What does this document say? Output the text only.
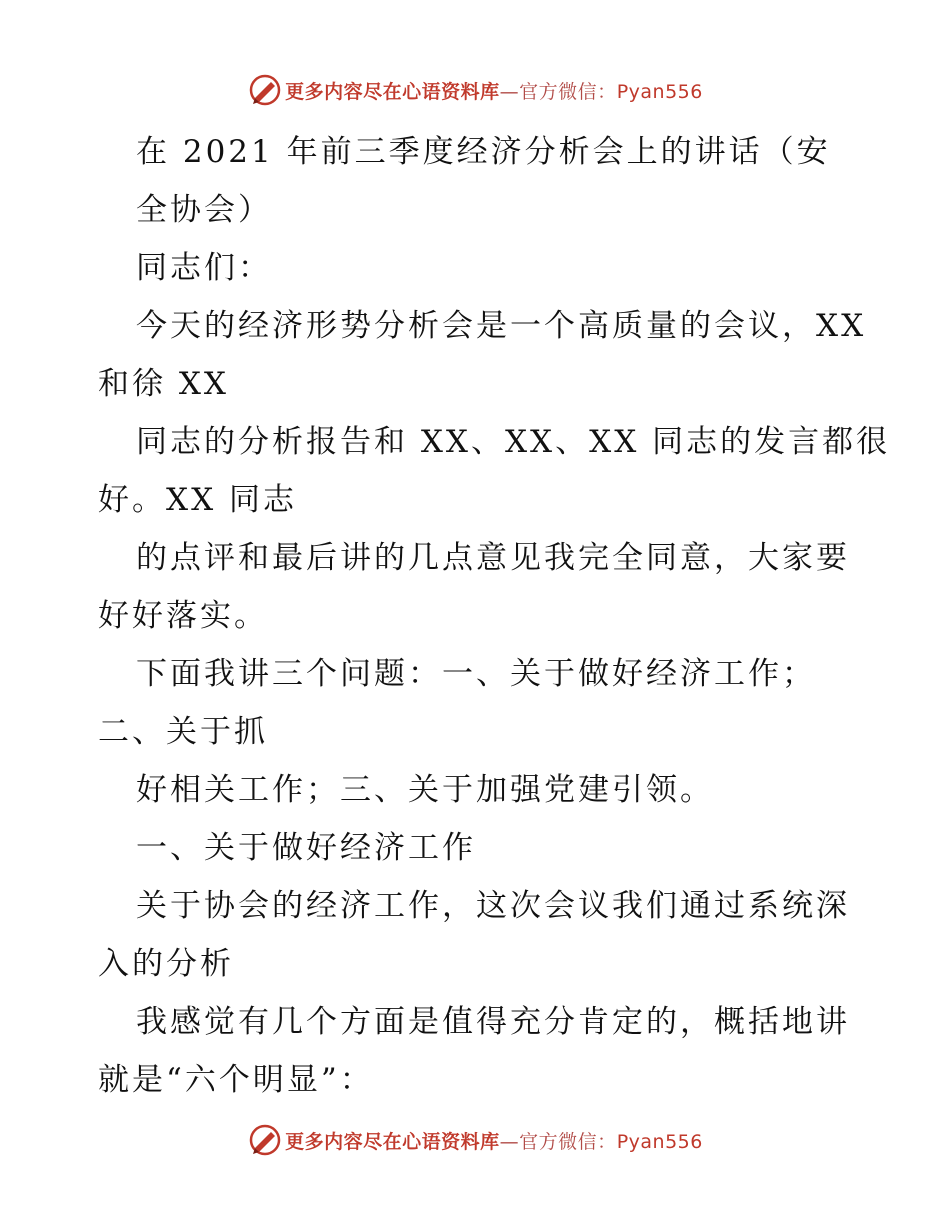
更多内容尽在心语资料库—官方微信：Pyan556
在 2021 年前三季度经济分析会上的讲话（安
全协会）
同志们：
今天的经济形势分析会是一个高质量的会议，XX
和徐 XX
同志的分析报告和 XX、XX、XX 同志的发言都很
好。XX 同志
的点评和最后讲的几点意见我完全同意，大家要
好好落实。
下面我讲三个问题：一、关于做好经济工作；
二、关于抓
好相关工作；三、关于加强党建引领。
一、关于做好经济工作
关于协会的经济工作，这次会议我们通过系统深
入的分析
我感觉有几个方面是值得充分肯定的，概括地讲
就是“六个明显”：
更多内容尽在心语资料库—官方微信：Pyan556
